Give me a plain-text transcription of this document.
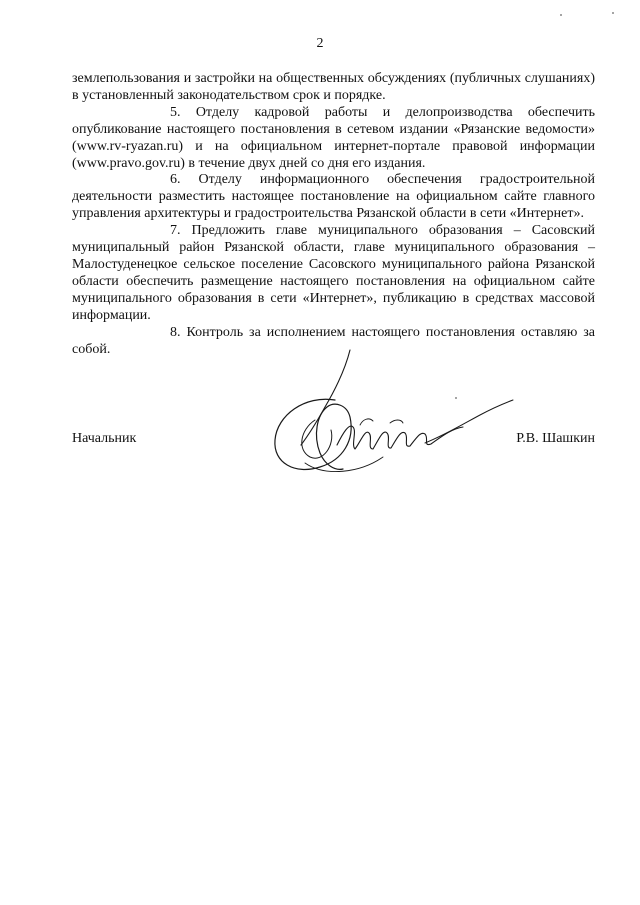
2

землепользования и застройки на общественных обсуждениях (публичных слушаниях) в установленный законодательством срок и порядке.

5. Отделу кадровой работы и делопроизводства обеспечить опубликование настоящего постановления в сетевом издании «Рязанские ведомости» (www.rv-ryazan.ru) и на официальном интернет-портале правовой информации (www.pravo.gov.ru) в течение двух дней со дня его издания.

6. Отделу информационного обеспечения градостроительной деятельности разместить настоящее постановление на официальном сайте главного управления архитектуры и градостроительства Рязанской области в сети «Интернет».

7. Предложить главе муниципального образования – Сасовский муниципальный район Рязанской области, главе муниципального образования – Малостуденецкое сельское поселение Сасовского муниципального района Рязанской области обеспечить размещение настоящего постановления на официальном сайте муниципального образования в сети «Интернет», публикацию в средствах массовой информации.

8. Контроль за исполнением настоящего постановления оставляю за собой.

Начальник	Р.В. Шашкин
